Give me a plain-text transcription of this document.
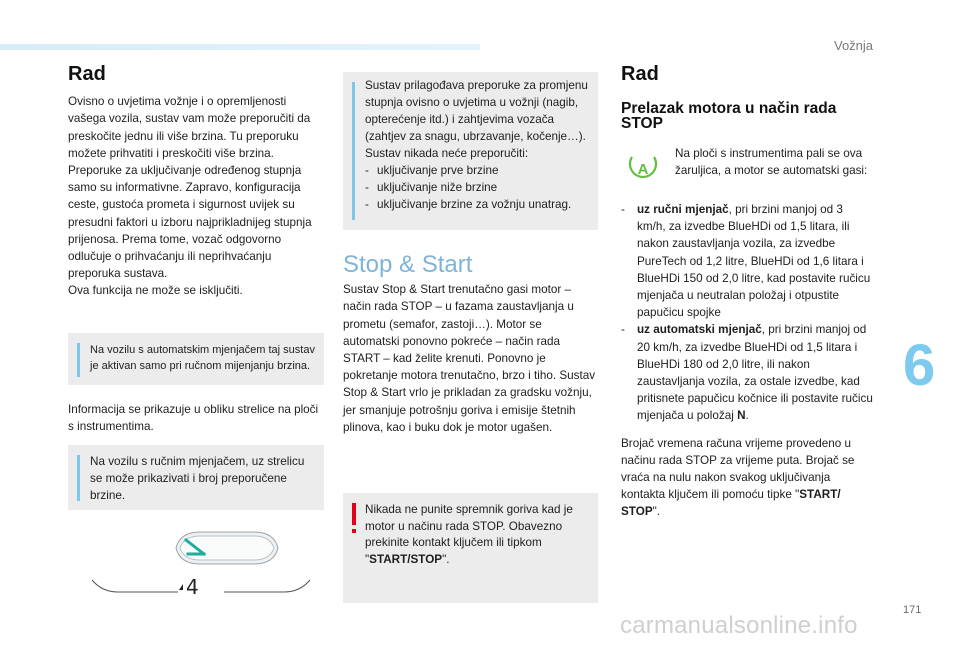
Vožnja
6
171
carmanualsonline.info
Rad
Ovisno o uvjetima vožnje i o opremljenosti vašega vozila, sustav vam može preporučiti da preskočite jednu ili više brzina. Tu preporuku možete prihvatiti i preskočiti više brzina. Preporuke za uključivanje određenog stupnja samo su informativne. Zapravo, konfiguracija ceste, gustoća prometa i sigurnost uvijek su presudni faktori u izboru najprikladnijeg stupnja prijenosa. Prema tome, vozač odgovorno odlučuje o prihvaćanju ili neprihvaćanju preporuka sustava.
Ova funkcija ne može se isključiti.
Na vozilu s automatskim mjenjačem taj sustav je aktivan samo pri ručnom mijenjanju brzina.
Informacija se prikazuje u obliku strelice na ploči s instrumentima.
Na vozilu s ručnim mjenjačem, uz strelicu se može prikazivati i broj preporučene brzine.
4
Sustav prilagođava preporuke za promjenu stupnja ovisno o uvjetima u vožnji (nagib, opterećenje itd.) i zahtjevima vozača (zahtjev za snagu, ubrzavanje, kočenje…).
Sustav nikada neće preporučiti:
- uključivanje prve brzine
- uključivanje niže brzine
- uključivanje brzine za vožnju unatrag.
Stop & Start
Sustav Stop & Start trenutačno gasi motor – način rada STOP – u fazama zaustavljanja u prometu (semafor, zastoji…). Motor se automatski ponovno pokreće – način rada START – kad želite krenuti. Ponovno je pokretanje motora trenutačno, brzo i tiho. Sustav Stop & Start vrlo je prikladan za gradsku vožnju, jer smanjuje potrošnju goriva i emisije štetnih plinova, kao i buku dok je motor ugašen.
Nikada ne punite spremnik goriva kad je motor u načinu rada STOP. Obavezno prekinite kontakt ključem ili tipkom "START/STOP".
Rad
Prelazak motora u način rada STOP
A
Na ploči s instrumentima pali se ova žaruljica, a motor se automatski gasi:
-	uz ručni mjenjač, pri brzini manjoj od 3 km/h, za izvedbe BlueHDi od 1,5 litara, ili nakon zaustavljanja vozila, za izvedbe PureTech od 1,2 litre, BlueHDi od 1,6 litara i BlueHDi 150 od 2,0 litre, kad postavite ručicu mjenjača u neutralan položaj i otpustite papučicu spojke
-	uz automatski mjenjač, pri brzini manjoj od 20 km/h, za izvedbe BlueHDi od 1,5 litara i BlueHDi 180 od 2,0 litre, ili nakon zaustavljanja vozila, za ostale izvedbe, kad pritisnete papučicu kočnice ili postavite ručicu mjenjača u položaj N.
Brojač vremena računa vrijeme provedeno u načinu rada STOP za vrijeme puta. Brojač se vraća na nulu nakon svakog uključivanja kontakta ključem ili pomoću tipke "START/ STOP".
